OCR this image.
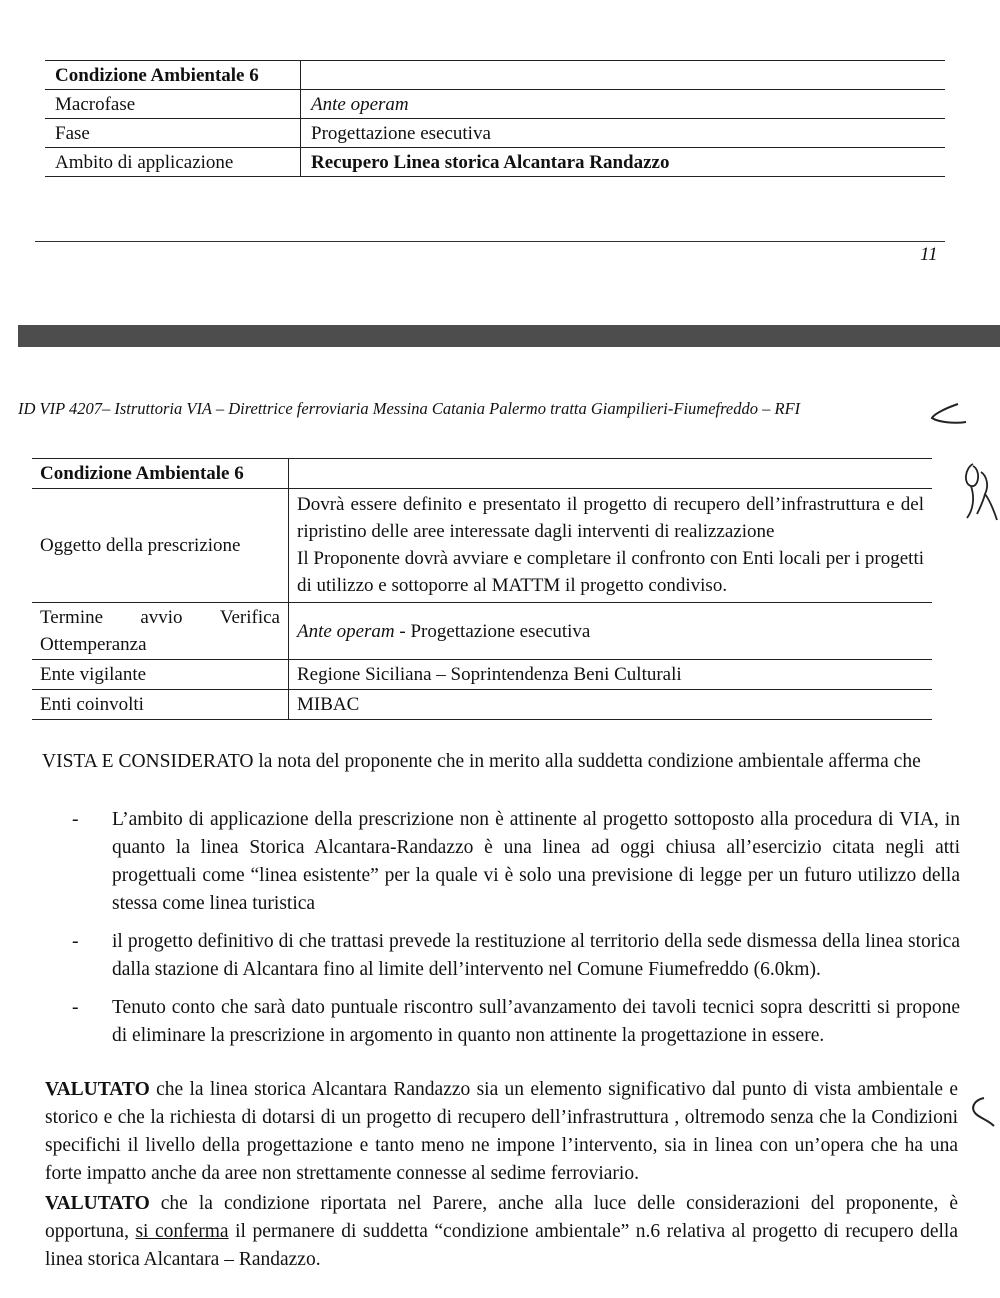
Condizione Ambientale 6	
Macrofase	Ante operam
Fase	Progettazione esecutiva
Ambito di applicazione	Recupero Linea storica Alcantara Randazzo
11
ID VIP 4207– Istruttoria VIA – Direttrice ferroviaria Messina Catania Palermo tratta Giampilieri-Fiumefreddo – RFI
Condizione Ambientale 6	
Oggetto della prescrizione	Dovrà essere definito e presentato il progetto di recupero dell’infrastruttura e del ripristino delle aree interessate dagli interventi di realizzazione
Il Proponente dovrà avviare e completare il confronto con Enti locali per i progetti di utilizzo e sottoporre al MATTM il progetto condiviso.

Termine avvio Verifica
Ottemperanza	Ante operam - Progettazione esecutiva
Ente vigilante	Regione Siciliana – Soprintendenza Beni Culturali
Enti coinvolti	MIBAC
VISTA E CONSIDERATO la nota del proponente che in merito alla suddetta condizione ambientale afferma che
-	L’ambito di applicazione della prescrizione non è attinente al progetto sottoposto alla procedura di VIA, in quanto la linea Storica Alcantara-Randazzo è una linea ad oggi chiusa all’esercizio citata negli atti progettuali come “linea esistente” per la quale vi è solo una previsione di legge per un futuro utilizzo della stessa come linea turistica
-	il progetto definitivo di che trattasi prevede la restituzione al territorio della sede dismessa della linea storica dalla stazione di Alcantara fino al limite dell’intervento nel Comune Fiumefreddo (6.0km).
-	Tenuto conto che sarà dato puntuale riscontro sull’avanzamento dei tavoli tecnici sopra descritti si propone di eliminare la prescrizione in argomento in quanto non attinente la progettazione in essere.
VALUTATO che la linea storica Alcantara Randazzo sia un elemento significativo dal punto di vista ambientale e storico e che la richiesta di dotarsi di un progetto di recupero dell’infrastruttura , oltremodo senza che la Condizioni specifichi il livello della progettazione e tanto meno ne impone l’intervento, sia in linea con un’opera che ha una forte impatto anche da aree non strettamente connesse al sedime ferroviario.
VALUTATO che la condizione riportata nel Parere, anche alla luce delle considerazioni del proponente, è opportuna, si conferma il permanere di suddetta “condizione ambientale” n.6 relativa al progetto di recupero della linea storica Alcantara – Randazzo.
